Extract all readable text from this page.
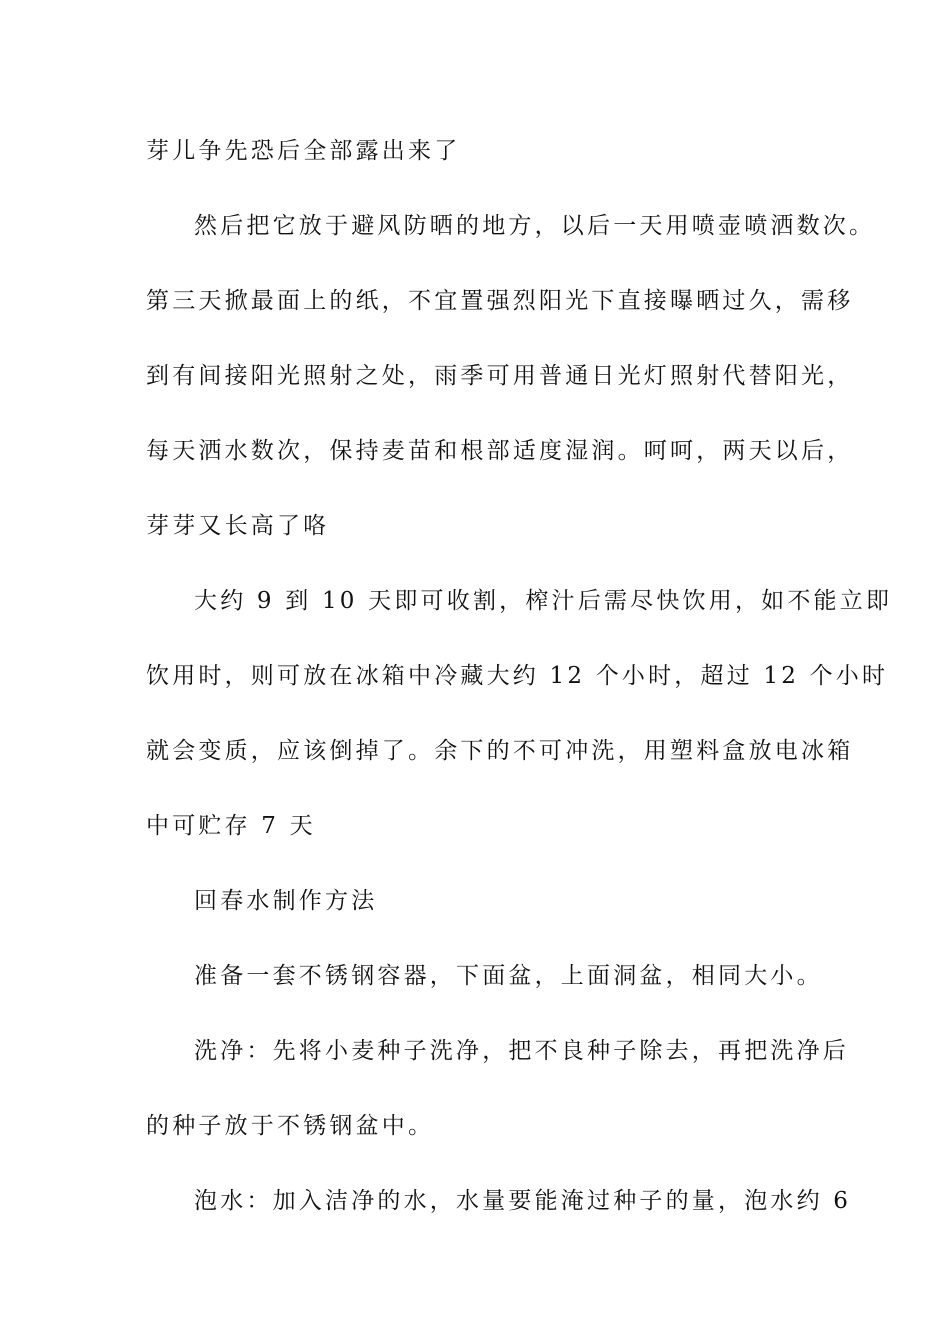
芽儿争先恐后全部露出来了
然后把它放于避风防晒的地方，以后一天用喷壶喷洒数次。
第三天掀最面上的纸，不宜置强烈阳光下直接曝晒过久，需移
到有间接阳光照射之处，雨季可用普通日光灯照射代替阳光，
每天洒水数次，保持麦苗和根部适度湿润。呵呵，两天以后，
芽芽又长高了咯
大约 9 到 10 天即可收割，榨汁后需尽快饮用，如不能立即
饮用时，则可放在冰箱中冷藏大约 12 个小时，超过 12 个小时
就会变质，应该倒掉了。余下的不可冲洗，用塑料盒放电冰箱
中可贮存 7 天
回春水制作方法
准备一套不锈钢容器，下面盆，上面洞盆，相同大小。
洗净：先将小麦种子洗净，把不良种子除去，再把洗净后
的种子放于不锈钢盆中。
泡水：加入洁净的水，水量要能淹过种子的量，泡水约 6
